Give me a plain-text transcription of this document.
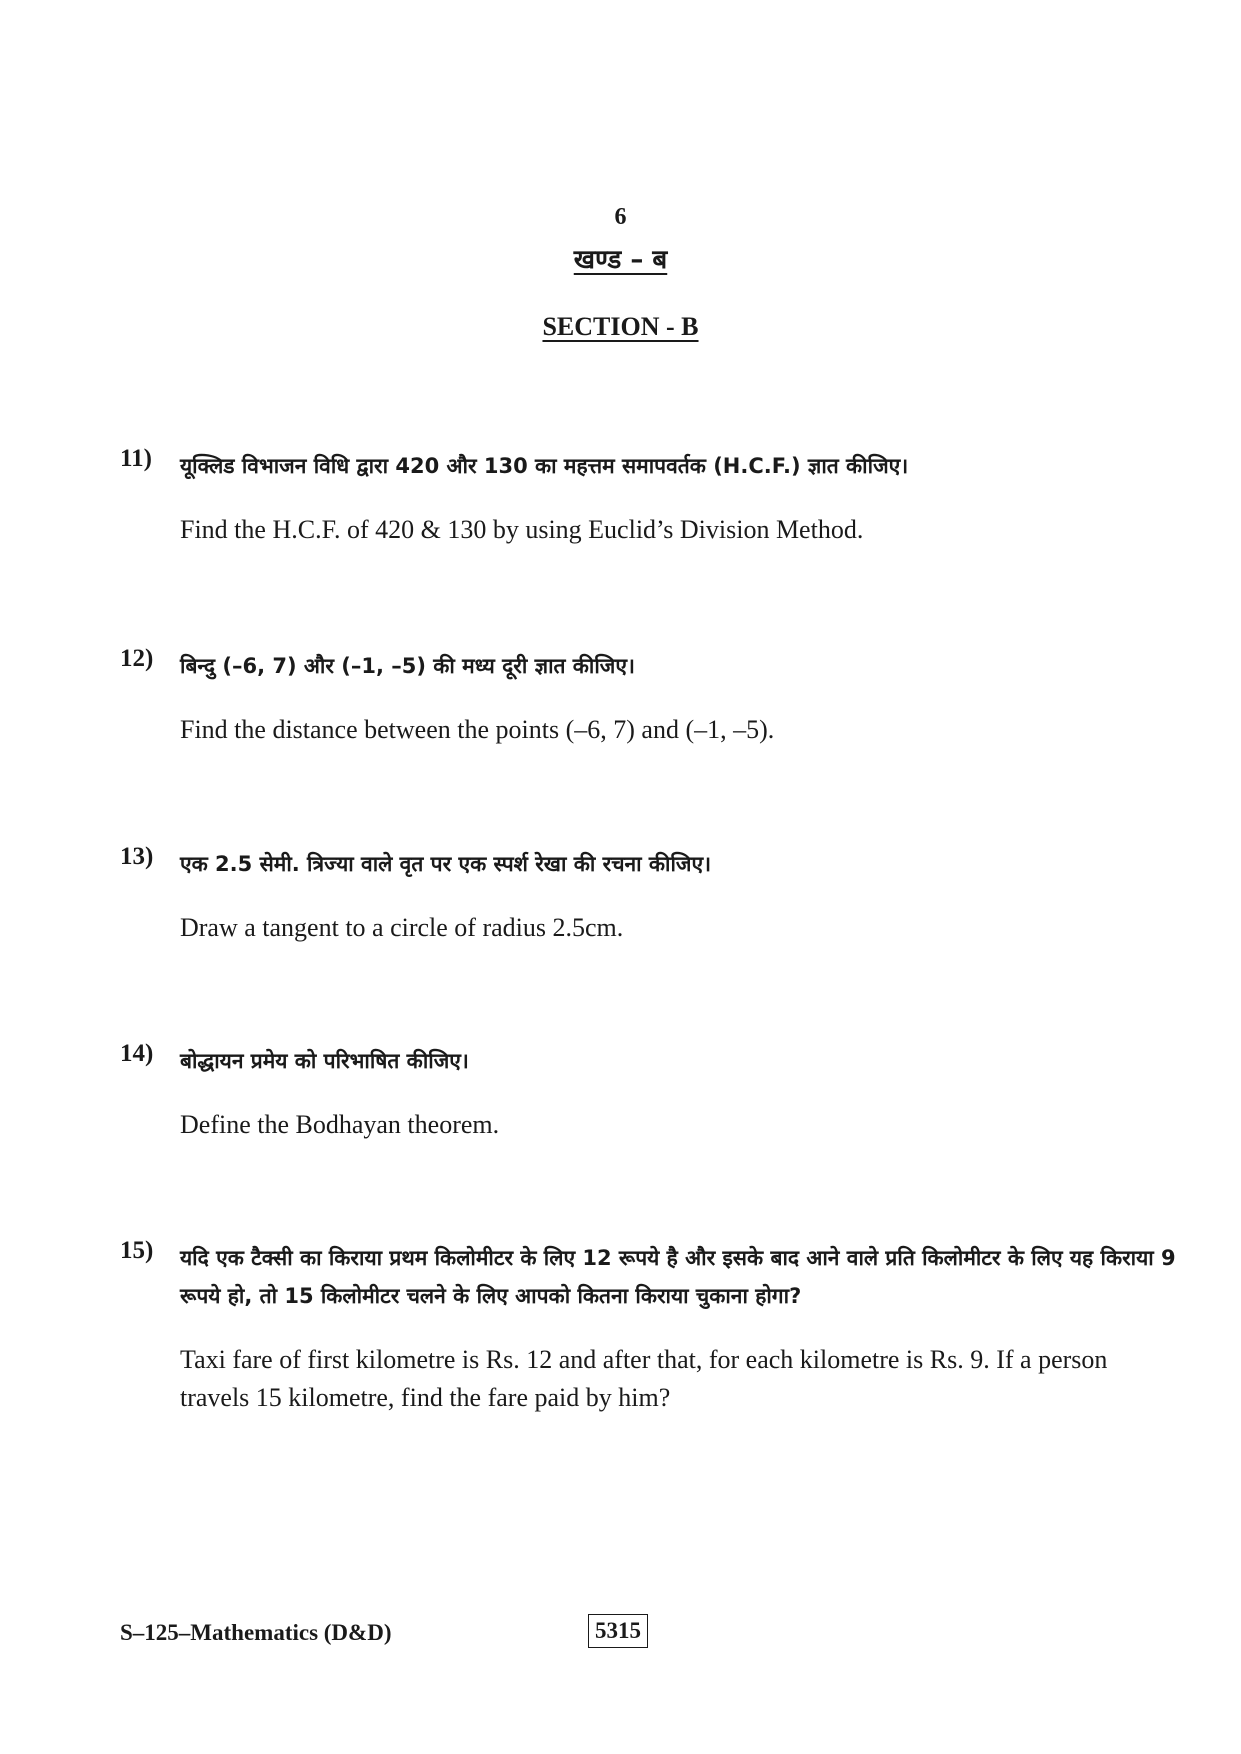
6
खण्ड – ब
SECTION - B
11) यूक्लिड विभाजन विधि द्वारा 420 और 130 का महत्तम समापवर्तक (H.C.F.) ज्ञात कीजिए।
Find the H.C.F. of 420 & 130 by using Euclid’s Division Method.
12) बिन्दु (–6, 7) और (–1, –5) की मध्य दूरी ज्ञात कीजिए।
Find the distance between the points (–6, 7) and (–1, –5).
13) एक 2.5 सेमी. त्रिज्या वाले वृत पर एक स्पर्श रेखा की रचना कीजिए।
Draw a tangent to a circle of radius 2.5cm.
14) बोद्धायन प्रमेय को परिभाषित कीजिए।
Define the Bodhayan theorem.
15) यदि एक टैक्सी का किराया प्रथम किलोमीटर के लिए 12 रूपये है और इसके बाद आने वाले प्रति किलोमीटर के लिए यह किराया 9 रूपये हो, तो 15 किलोमीटर चलने के लिए आपको कितना किराया चुकाना होगा?
Taxi fare of first kilometre is Rs. 12 and after that, for each kilometre is Rs. 9. If a person travels 15 kilometre, find the fare paid by him?
S–125–Mathematics (D&D)	5315
